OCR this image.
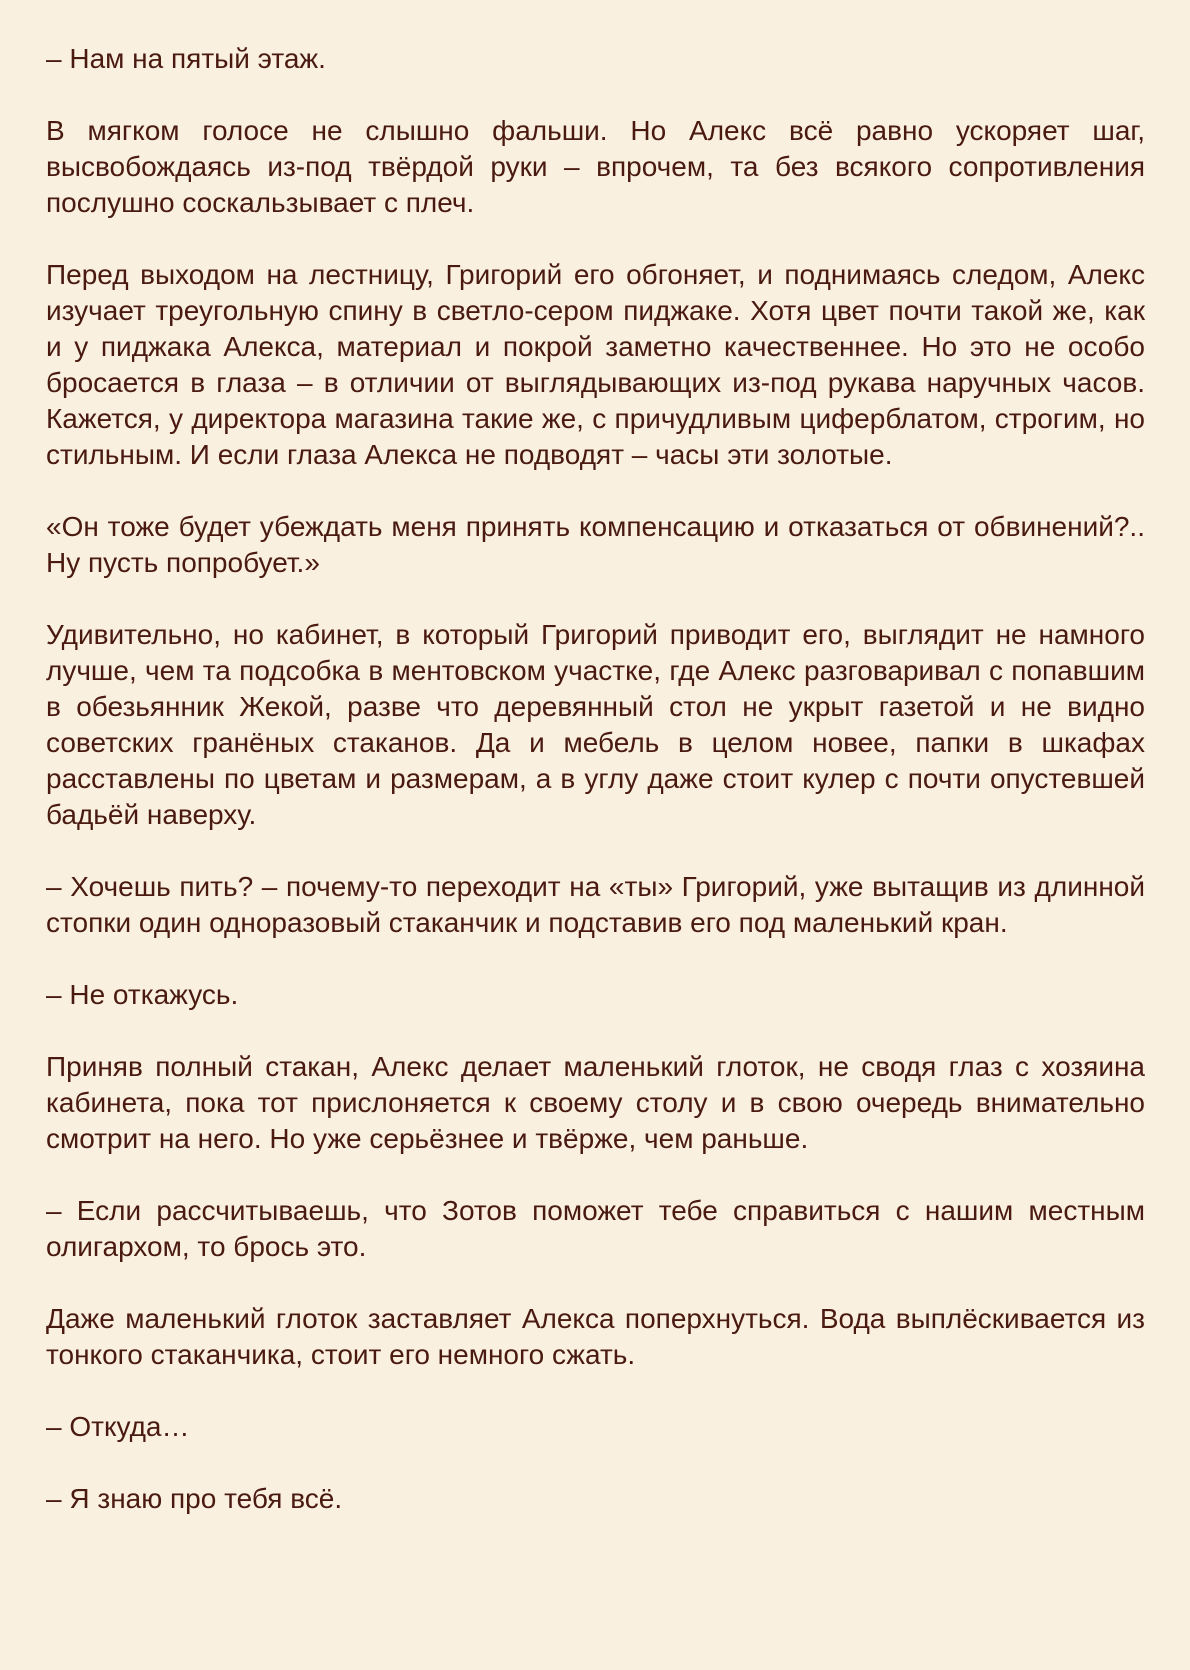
– Нам на пятый этаж.

В мягком голосе не слышно фальши. Но Алекс всё равно ускоряет шаг, высвобождаясь из-под твёрдой руки – впрочем, та без всякого сопротивления послушно соскальзывает с плеч.

Перед выходом на лестницу, Григорий его обгоняет, и поднимаясь следом, Алекс изучает треугольную спину в светло-сером пиджаке. Хотя цвет почти такой же, как и у пиджака Алекса, материал и покрой заметно качественнее. Но это не особо бросается в глаза – в отличии от выглядывающих из-под рукава наручных часов. Кажется, у директора магазина такие же, с причудливым циферблатом, строгим, но стильным. И если глаза Алекса не подводят – часы эти золотые.

«Он тоже будет убеждать меня принять компенсацию и отказаться от обвинений?.. Ну пусть попробует.»

Удивительно, но кабинет, в который Григорий приводит его, выглядит не намного лучше, чем та подсобка в ментовском участке, где Алекс разговаривал с попавшим в обезьянник Жекой, разве что деревянный стол не укрыт газетой и не видно советских гранёных стаканов. Да и мебель в целом новее, папки в шкафах расставлены по цветам и размерам, а в углу даже стоит кулер с почти опустевшей бадьёй наверху.

– Хочешь пить? – почему-то переходит на «ты» Григорий, уже вытащив из длинной стопки один одноразовый стаканчик и подставив его под маленький кран.

– Не откажусь.

Приняв полный стакан, Алекс делает маленький глоток, не сводя глаз с хозяина кабинета, пока тот прислоняется к своему столу и в свою очередь внимательно смотрит на него. Но уже серьёзнее и твёрже, чем раньше.

– Если рассчитываешь, что Зотов поможет тебе справиться с нашим местным олигархом, то брось это.

Даже маленький глоток заставляет Алекса поперхнуться. Вода выплёскивается из тонкого стаканчика, стоит его немного сжать.

– Откуда…

– Я знаю про тебя всё.
